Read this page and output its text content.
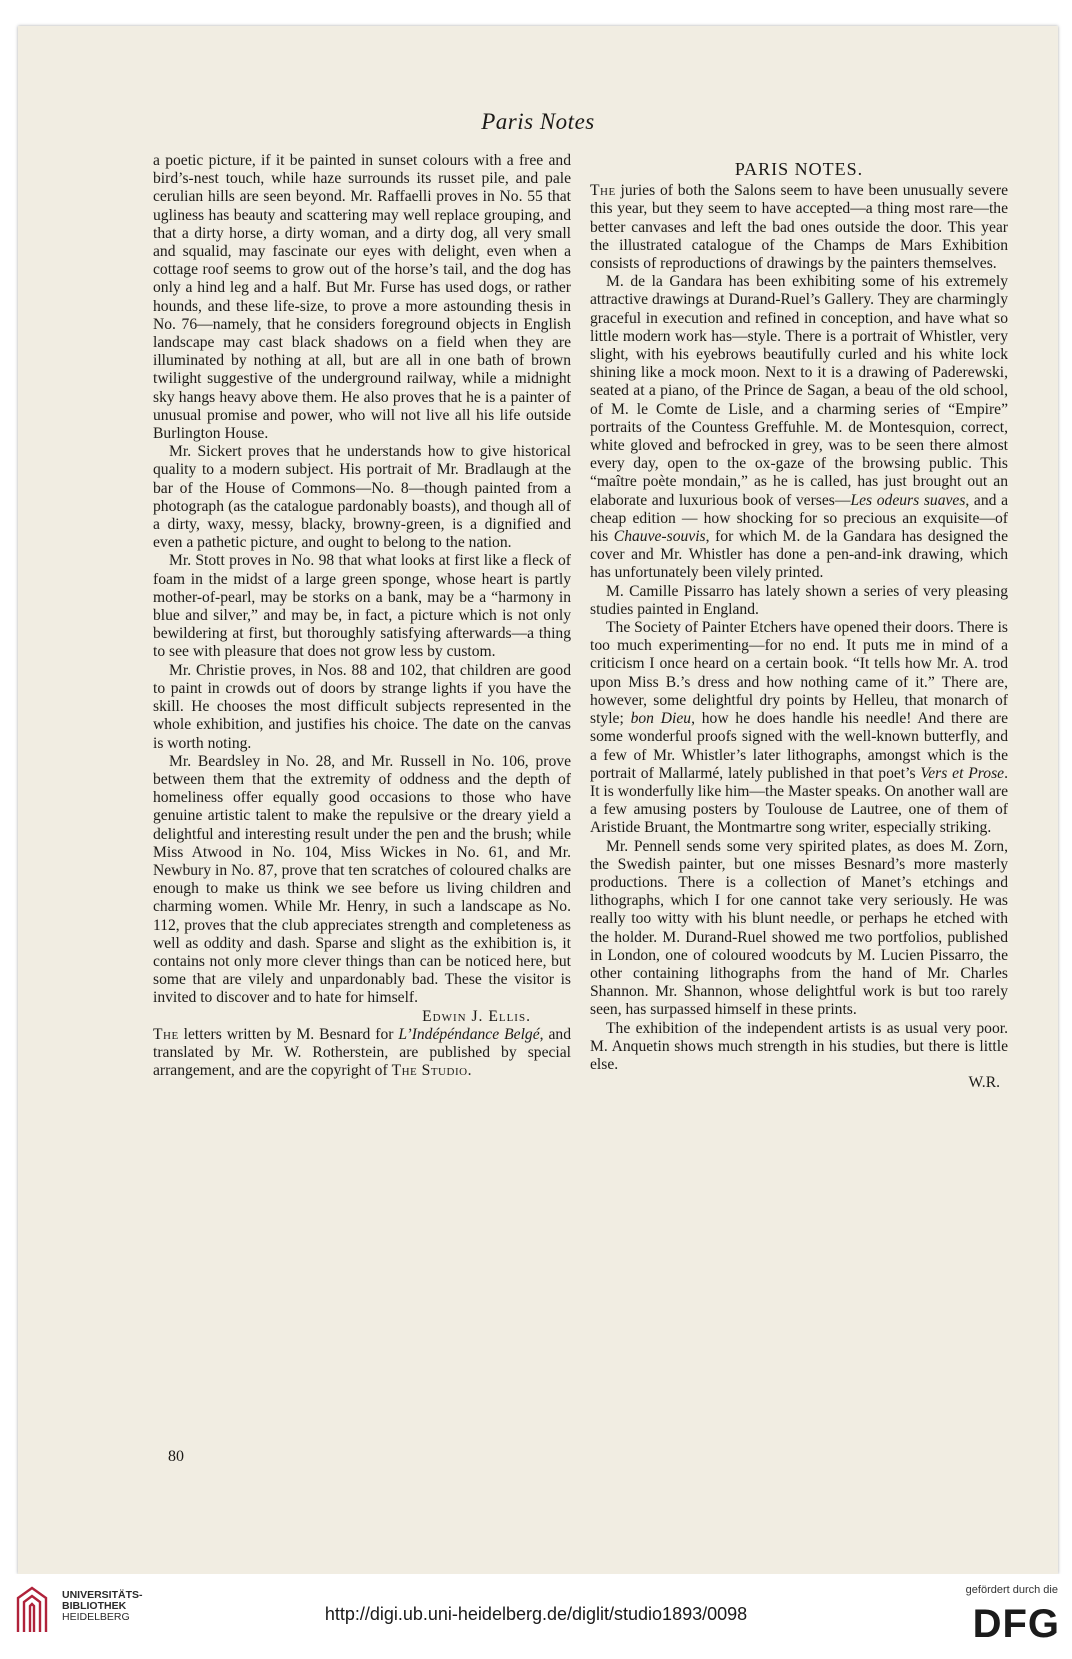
Paris Notes

a poetic picture, if it be painted in sunset colours with a free and bird’s-nest touch, while haze surrounds its russet pile, and pale cerulian hills are seen beyond. Mr. Raffaelli proves in No. 55 that ugliness has beauty and scattering may well replace grouping, and that a dirty horse, a dirty woman, and a dirty dog, all very small and squalid, may fascinate our eyes with delight, even when a cottage roof seems to grow out of the horse’s tail, and the dog has only a hind leg and a half. But Mr. Furse has used dogs, or rather hounds, and these life-size, to prove a more astounding thesis in No. 76—namely, that he considers foreground objects in English landscape may cast black shadows on a field when they are illuminated by nothing at all, but are all in one bath of brown twilight suggestive of the underground railway, while a midnight sky hangs heavy above them. He also proves that he is a painter of unusual promise and power, who will not live all his life outside Burlington House.

Mr. Sickert proves that he understands how to give historical quality to a modern subject. His portrait of Mr. Bradlaugh at the bar of the House of Commons—No. 8—though painted from a photograph (as the catalogue pardonably boasts), and though all of a dirty, waxy, messy, blacky, browny-green, is a dignified and even a pathetic picture, and ought to belong to the nation.

Mr. Stott proves in No. 98 that what looks at first like a fleck of foam in the midst of a large green sponge, whose heart is partly mother-of-pearl, may be storks on a bank, may be a “harmony in blue and silver,” and may be, in fact, a picture which is not only bewildering at first, but thoroughly satisfying afterwards—a thing to see with pleasure that does not grow less by custom.

Mr. Christie proves, in Nos. 88 and 102, that children are good to paint in crowds out of doors by strange lights if you have the skill. He chooses the most difficult subjects represented in the whole exhibition, and justifies his choice. The date on the canvas is worth noting.

Mr. Beardsley in No. 28, and Mr. Russell in No. 106, prove between them that the extremity of oddness and the depth of homeliness offer equally good occasions to those who have genuine artistic talent to make the repulsive or the dreary yield a delightful and interesting result under the pen and the brush; while Miss Atwood in No. 104, Miss Wickes in No. 61, and Mr. Newbury in No. 87, prove that ten scratches of coloured chalks are enough to make us think we see before us living children and charming women. While Mr. Henry, in such a landscape as No. 112, proves that the club appreciates strength and completeness as well as oddity and dash. Sparse and slight as the exhibition is, it contains not only more clever things than can be noticed here, but some that are vilely and unpardonably bad. These the visitor is invited to discover and to hate for himself.

Edwin J. Ellis.

The letters written by M. Besnard for L’Indépéndance Belgé, and translated by Mr. W. Rotherstein, are published by special arrangement, and are the copyright of The Studio.

80
PARIS NOTES.

The juries of both the Salons seem to have been unusually severe this year, but they seem to have accepted—a thing most rare—the better canvases and left the bad ones outside the door. This year the illustrated catalogue of the Champs de Mars Exhibition consists of reproductions of drawings by the painters themselves.

M. de la Gandara has been exhibiting some of his extremely attractive drawings at Durand-Ruel’s Gallery. They are charmingly graceful in execution and refined in conception, and have what so little modern work has—style. There is a portrait of Whistler, very slight, with his eyebrows beautifully curled and his white lock shining like a mock moon. Next to it is a drawing of Paderewski, seated at a piano, of the Prince de Sagan, a beau of the old school, of M. le Comte de Lisle, and a charming series of “Empire” portraits of the Countess Greffuhle. M. de Montesquion, correct, white gloved and befrocked in grey, was to be seen there almost every day, open to the ox-gaze of the browsing public. This “maître poète mondain,” as he is called, has just brought out an elaborate and luxurious book of verses—Les odeurs suaves, and a cheap edition — how shocking for so precious an exquisite—of his Chauve-souvis, for which M. de la Gandara has designed the cover and Mr. Whistler has done a pen-and-ink drawing, which has unfortunately been vilely printed.

M. Camille Pissarro has lately shown a series of very pleasing studies painted in England.

The Society of Painter Etchers have opened their doors. There is too much experimenting—for no end. It puts me in mind of a criticism I once heard on a certain book. “It tells how Mr. A. trod upon Miss B.’s dress and how nothing came of it.” There are, however, some delightful dry points by Helleu, that monarch of style; bon Dieu, how he does handle his needle! And there are some wonderful proofs signed with the well-known butterfly, and a few of Mr. Whistler’s later lithographs, amongst which is the portrait of Mallarmé, lately published in that poet’s Vers et Prose. It is wonderfully like him—the Master speaks. On another wall are a few amusing posters by Toulouse de Lautree, one of them of Aristide Bruant, the Montmartre song writer, especially striking.

Mr. Pennell sends some very spirited plates, as does M. Zorn, the Swedish painter, but one misses Besnard’s more masterly productions. There is a collection of Manet’s etchings and lithographs, which I for one cannot take very seriously. He was really too witty with his blunt needle, or perhaps he etched with the holder. M. Durand-Ruel showed me two portfolios, published in London, one of coloured woodcuts by M. Lucien Pissarro, the other containing lithographs from the hand of Mr. Charles Shannon. Mr. Shannon, whose delightful work is but too rarely seen, has surpassed himself in these prints.

The exhibition of the independent artists is as usual very poor. M. Anquetin shows much strength in his studies, but there is little else.

W.R.

UNIVERSITÄTS-
BIBLIOTHEK
HEIDELBERG	http://digi.ub.uni-heidelberg.de/diglit/studio1893/0098
gefördert durch die
DFG
